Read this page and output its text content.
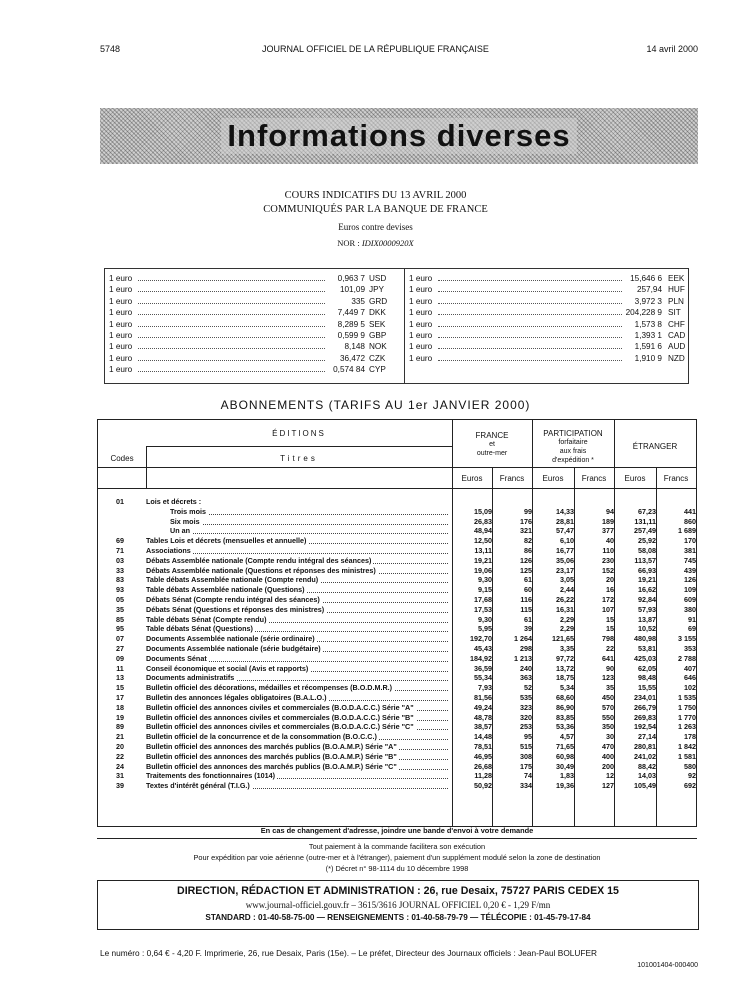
5748	JOURNAL OFFICIEL DE LA RÉPUBLIQUE FRANÇAISE	14 avril 2000
Informations diverses
COURS INDICATIFS DU 13 AVRIL 2000
COMMUNIQUÉS PAR LA BANQUE DE FRANCE
Euros contre devises
NOR : IDIX0000920X
1 euro	0,963 7 USD
1 euro	101,09 JPY
1 euro	335 GRD
1 euro	7,449 7 DKK
1 euro	8,289 5 SEK
1 euro	0,599 9 GBP
1 euro	8,148 NOK
1 euro	36,472 CZK
1 euro	0,574 84 CYP
1 euro	15,646 6 EEK
1 euro	257,94 HUF
1 euro	3,972 3 PLN
1 euro	204,228 9 SIT
1 euro	1,573 8 CHF
1 euro	1,393 1 CAD
1 euro	1,591 6 AUD
1 euro	1,910 9 NZD
ABONNEMENTS (TARIFS AU 1er JANVIER 2000)
ÉDITIONS
Codes	Titres
FRANCE
et
outre-mer
PARTICIPATION
forfaitaire
aux frais
d'expédition *
ÉTRANGER
Euros	Francs	Euros	Francs	Euros	Francs
01	Lois et décrets :
Trois mois	15,09	99	14,33	94	67,23	441
Six mois	26,83	176	28,81	189	131,11	860
Un an	48,94	321	57,47	377	257,49	1 689
69	Tables Lois et décrets (mensuelles et annuelle)	12,50	82	6,10	40	25,92	170
71	Associations	13,11	86	16,77	110	58,08	381
03	Débats Assemblée nationale (Compte rendu intégral des séances)	19,21	126	35,06	230	113,57	745
33	Débats Assemblée nationale (Questions et réponses des ministres)	19,06	125	23,17	152	66,93	439
83	Table débats Assemblée nationale (Compte rendu)	9,30	61	3,05	20	19,21	126
93	Table débats Assemblée nationale (Questions)	9,15	60	2,44	16	16,62	109
05	Débats Sénat (Compte rendu intégral des séances)	17,68	116	26,22	172	92,84	609
35	Débats Sénat (Questions et réponses des ministres)	17,53	115	16,31	107	57,93	380
85	Table débats Sénat (Compte rendu)	9,30	61	2,29	15	13,87	91
95	Table débats Sénat (Questions)	5,95	39	2,29	15	10,52	69
07	Documents Assemblée nationale (série ordinaire)	192,70	1 264	121,65	798	480,98	3 155
27	Documents Assemblée nationale (série budgétaire)	45,43	298	3,35	22	53,81	353
09	Documents Sénat	184,92	1 213	97,72	641	425,03	2 788
11	Conseil économique et social (Avis et rapports)	36,59	240	13,72	90	62,05	407
13	Documents administratifs	55,34	363	18,75	123	98,48	646
15	Bulletin officiel des décorations, médailles et récompenses (B.O.D.M.R.)	7,93	52	5,34	35	15,55	102
17	Bulletin des annonces légales obligatoires (B.A.L.O.)	81,56	535	68,60	450	234,01	1 535
18	Bulletin officiel des annonces civiles et commerciales (B.O.D.A.C.C.) Série "A"	49,24	323	86,90	570	266,79	1 750
19	Bulletin officiel des annonces civiles et commerciales (B.O.D.A.C.C.) Série "B"	48,78	320	83,85	550	269,83	1 770
89	Bulletin officiel des annonces civiles et commerciales (B.O.D.A.C.C.) Série "C"	38,57	253	53,36	350	192,54	1 263
21	Bulletin officiel de la concurrence et de la consommation (B.O.C.C.)	14,48	95	4,57	30	27,14	178
20	Bulletin officiel des annonces des marchés publics (B.O.A.M.P.) Série "A"	78,51	515	71,65	470	280,81	1 842
22	Bulletin officiel des annonces des marchés publics (B.O.A.M.P.) Série "B"	46,95	308	60,98	400	241,02	1 581
24	Bulletin officiel des annonces des marchés publics (B.O.A.M.P.) Série "C"	26,68	175	30,49	200	88,42	580
31	Traitements des fonctionnaires (1014)	11,28	74	1,83	12	14,03	92
39	Textes d'intérêt général (T.I.G.)	50,92	334	19,36	127	105,49	692
En cas de changement d'adresse, joindre une bande d'envoi à votre demande
Tout paiement à la commande facilitera son exécution
Pour expédition par voie aérienne (outre-mer et à l'étranger), paiement d'un supplément modulé selon la zone de destination
(*) Décret n° 98-1114 du 10 décembre 1998
DIRECTION, RÉDACTION ET ADMINISTRATION : 26, rue Desaix, 75727 PARIS CEDEX 15
www.journal-officiel.gouv.fr – 3615/3616 JOURNAL OFFICIEL 0,20 € - 1,29 F/mn
STANDARD : 01-40-58-75-00 — RENSEIGNEMENTS : 01-40-58-79-79 — TÉLÉCOPIE : 01-45-79-17-84
Le numéro : 0,64 € - 4,20 F. Imprimerie, 26, rue Desaix, Paris (15e). – Le préfet, Directeur des Journaux officiels : Jean-Paul BOLUFER
101001404-000400
